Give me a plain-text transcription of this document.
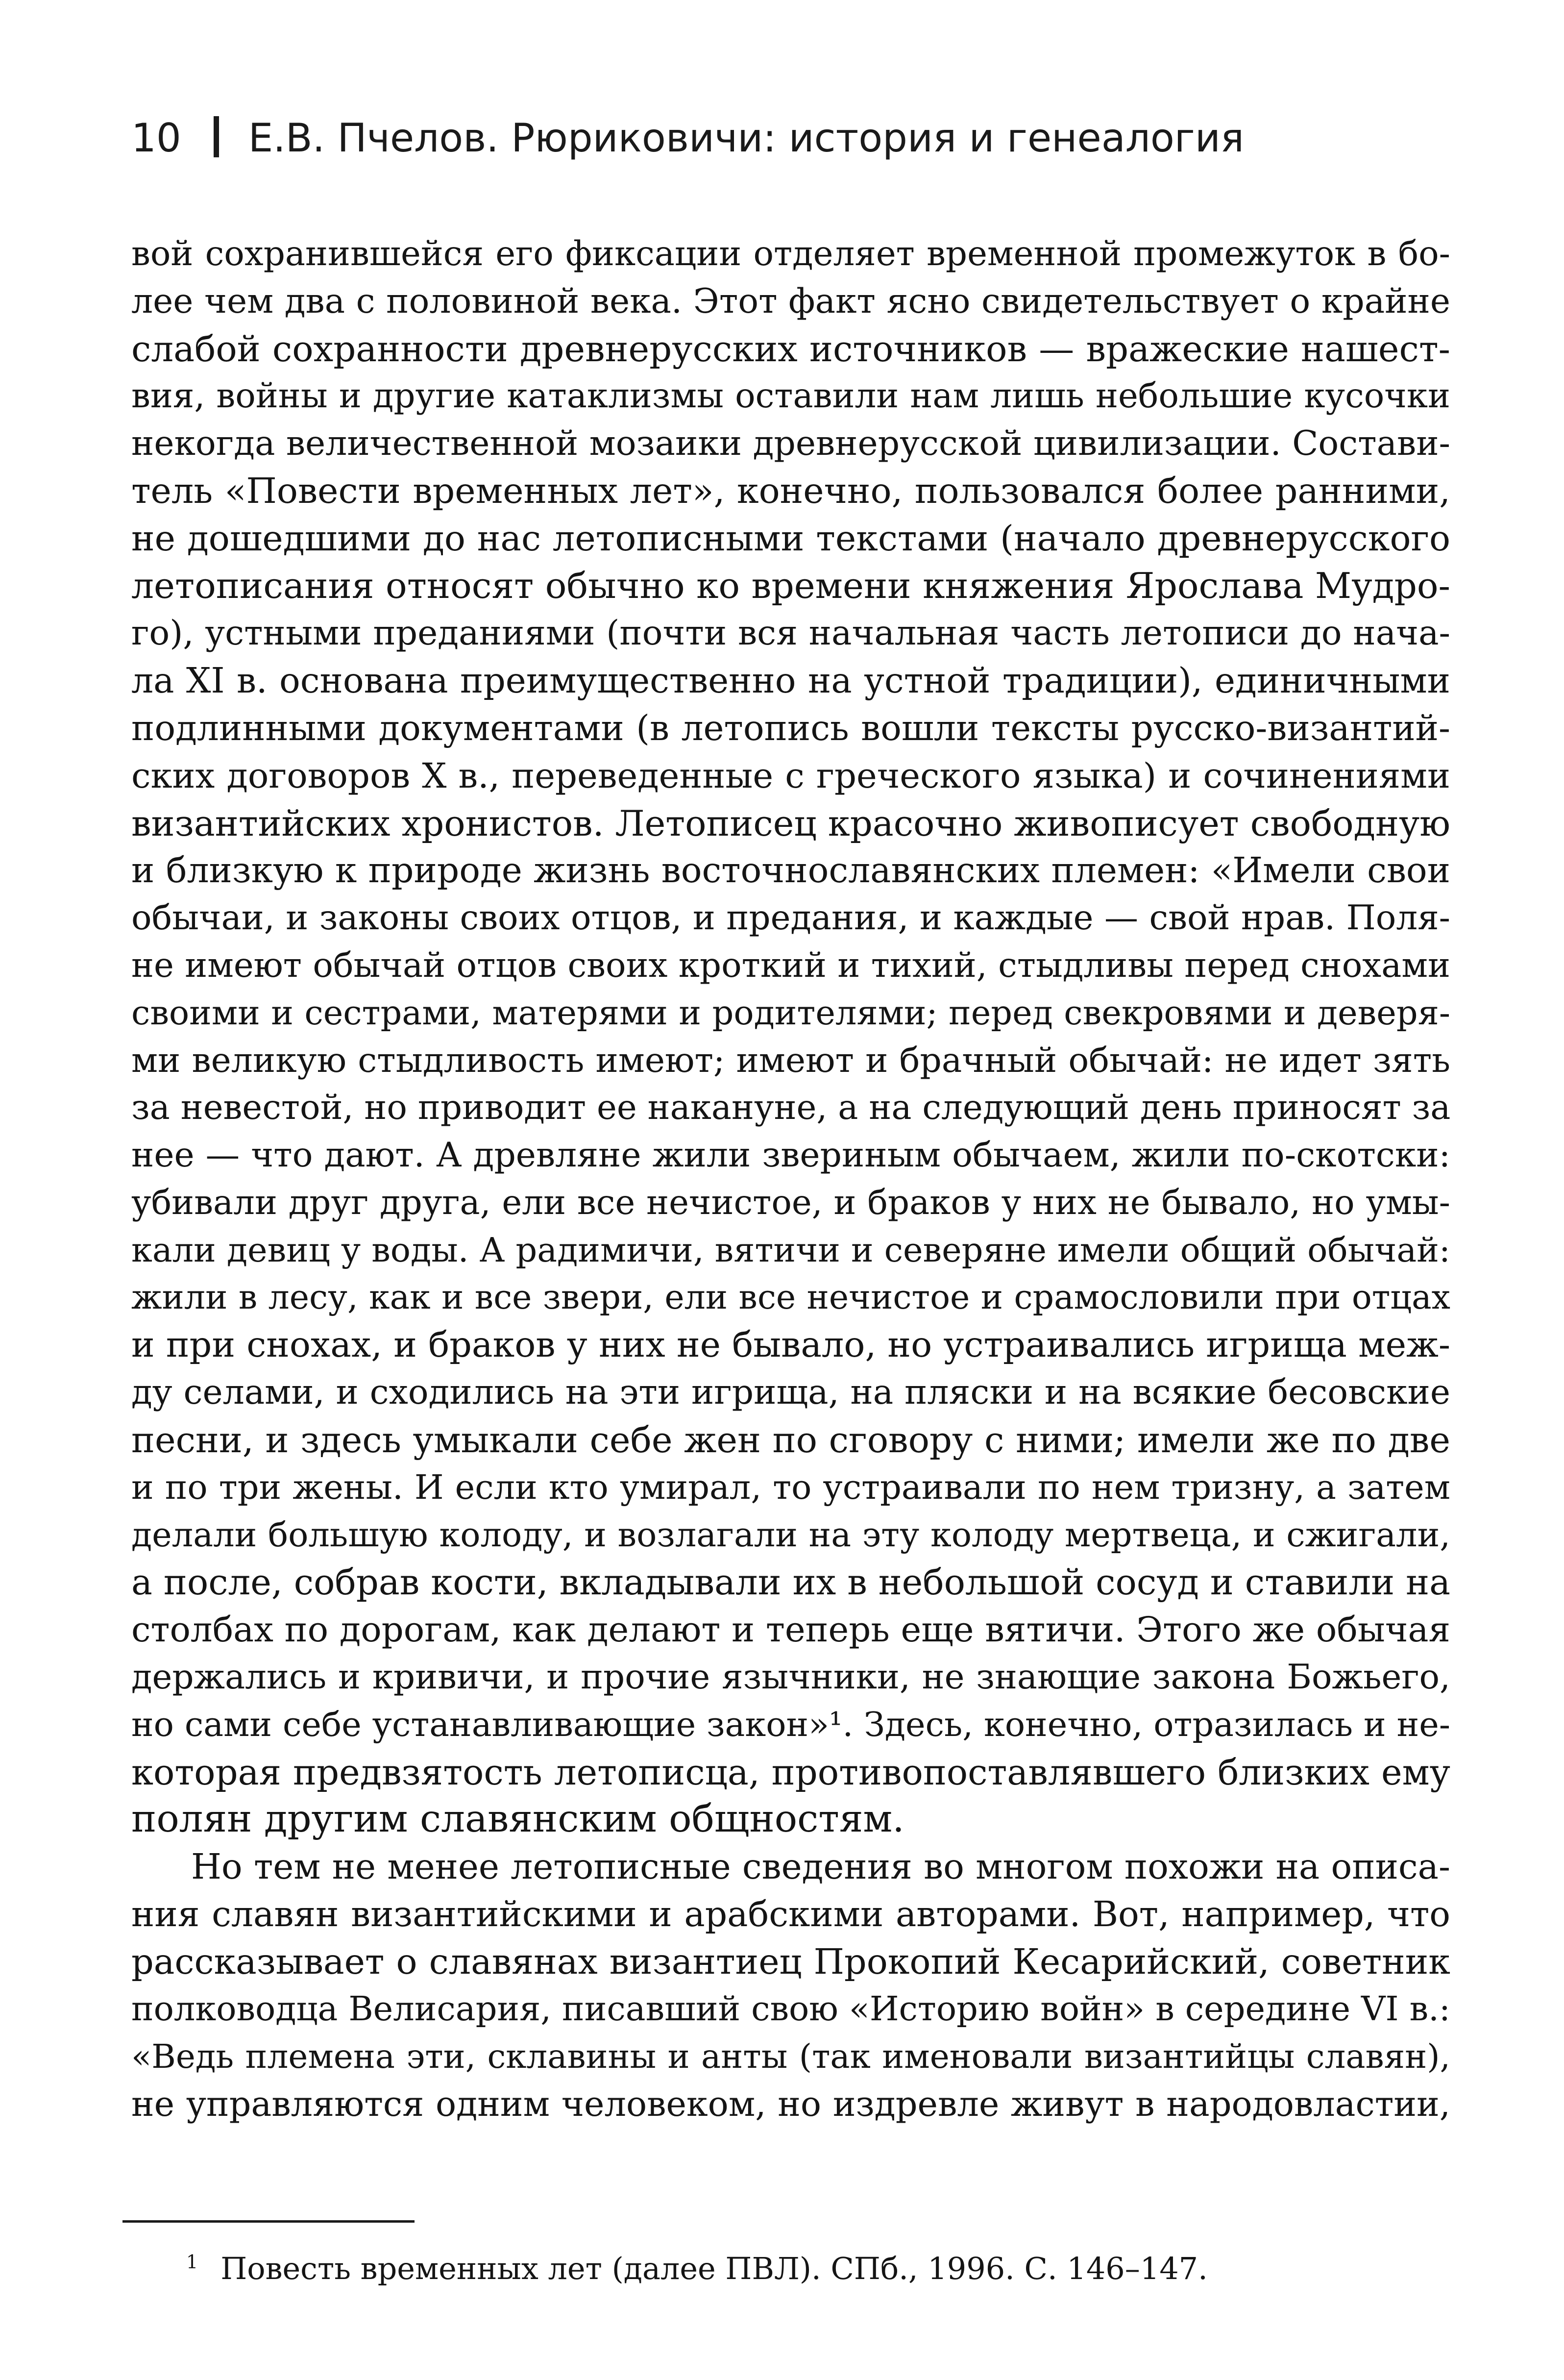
10 Е.В. Пчелов. Рюриковичи: история и генеалогия
вой сохранившейся его фиксации отделяет временной промежуток в бо-
лее чем два с половиной века. Этот факт ясно свидетельствует о крайне
слабой сохранности древнерусских источников — вражеские нашест-
вия, войны и другие катаклизмы оставили нам лишь небольшие кусочки
некогда величественной мозаики древнерусской цивилизации. Состави-
тель «Повести временных лет», конечно, пользовался более ранними,
не дошедшими до нас летописными текстами (начало древнерусского
летописания относят обычно ко времени княжения Ярослава Мудро-
го), устными преданиями (почти вся начальная часть летописи до нача-
ла XI в. основана преимущественно на устной традиции), единичными
подлинными документами (в летопись вошли тексты русско-византий-
ских договоров X в., переведенные с греческого языка) и сочинениями
византийских хронистов. Летописец красочно живописует свободную
и близкую к природе жизнь восточнославянских племен: «Имели свои
обычаи, и законы своих отцов, и предания, и каждые — свой нрав. Поля-
не имеют обычай отцов своих кроткий и тихий, стыдливы перед снохами
своими и сестрами, матерями и родителями; перед свекровями и деверя-
ми великую стыдливость имеют; имеют и брачный обычай: не идет зять
за невестой, но приводит ее накануне, а на следующий день приносят за
нее — что дают. А древляне жили звериным обычаем, жили по-скотски:
убивали друг друга, ели все нечистое, и браков у них не бывало, но умы-
кали девиц у воды. А радимичи, вятичи и северяне имели общий обычай:
жили в лесу, как и все звери, ели все нечистое и срамословили при отцах
и при снохах, и браков у них не бывало, но устраивались игрища меж-
ду селами, и сходились на эти игрища, на пляски и на всякие бесовские
песни, и здесь умыкали себе жен по сговору с ними; имели же по две
и по три жены. И если кто умирал, то устраивали по нем тризну, а затем
делали большую колоду, и возлагали на эту колоду мертвеца, и сжигали,
а после, собрав кости, вкладывали их в небольшой сосуд и ставили на
столбах по дорогам, как делают и теперь еще вятичи. Этого же обычая
держались и кривичи, и прочие язычники, не знающие закона Божьего,
но сами себе устанавливающие закон»¹. Здесь, конечно, отразилась и не-
которая предвзятость летописца, противопоставлявшего близких ему
полян другим славянским общностям.
Но тем не менее летописные сведения во многом похожи на описа-
ния славян византийскими и арабскими авторами. Вот, например, что
рассказывает о славянах византиец Прокопий Кесарийский, советник
полководца Велисария, писавший свою «Историю войн» в середине VI в.:
«Ведь племена эти, склавины и анты (так именовали византийцы славян),
не управляются одним человеком, но издревле живут в народовластии,
$^1$ Повесть временных лет (далее ПВЛ). СПб., 1996. С. 146–147.
